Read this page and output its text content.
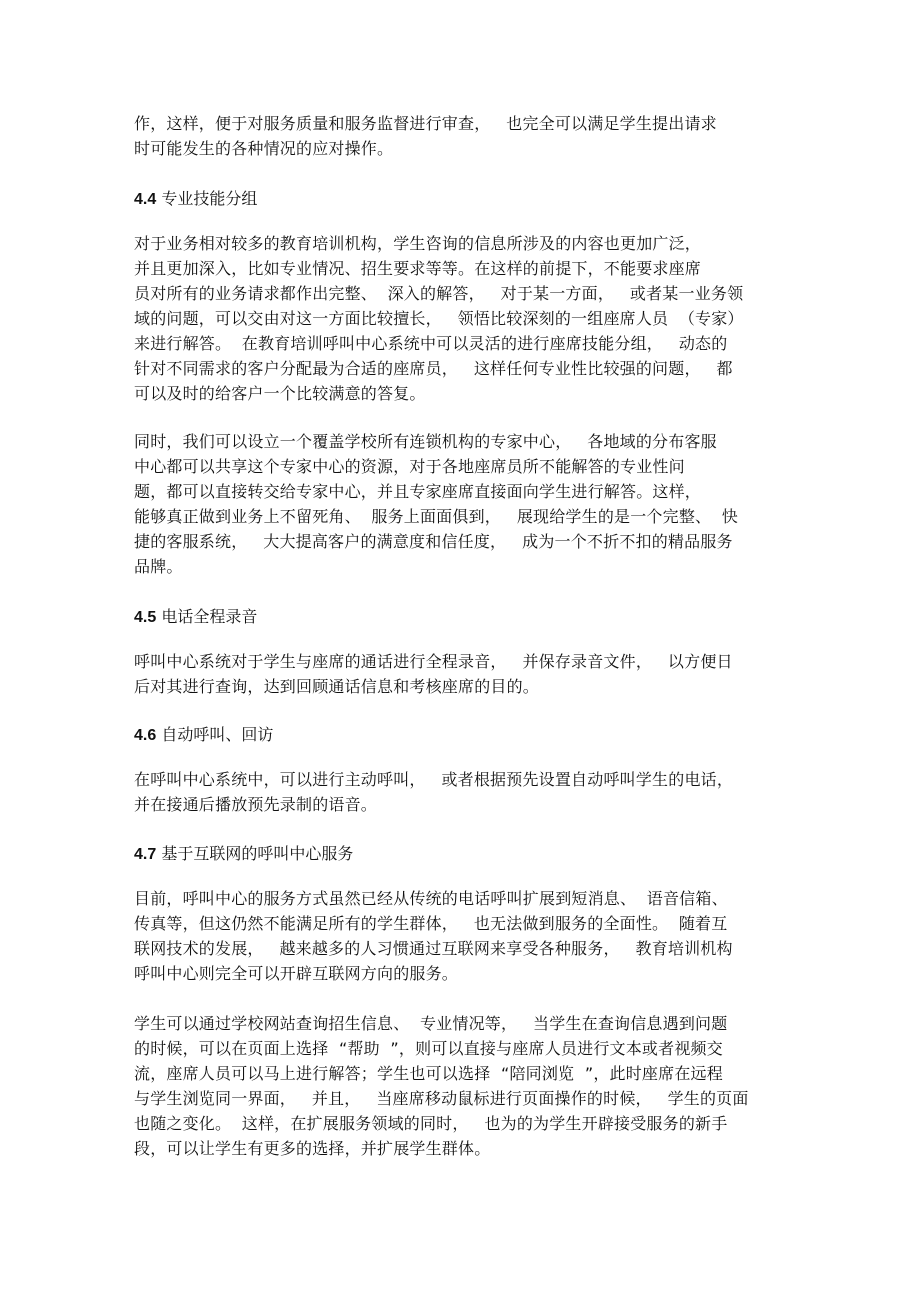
作，这样，便于对服务质量和服务监督进行审查，   也完全可以满足学生提出请求
时可能发生的各种情况的应对操作。
4.4 专业技能分组
对于业务相对较多的教育培训机构，学生咨询的信息所涉及的内容也更加广泛，
并且更加深入，比如专业情况、招生要求等等。在这样的前提下，不能要求座席
员对所有的业务请求都作出完整、  深入的解答，   对于某一方面，   或者某一业务领
域的问题，可以交由对这一方面比较擅长，   领悟比较深刻的一组座席人员  （专家）
来进行解答。  在教育培训呼叫中心系统中可以灵活的进行座席技能分组，   动态的
针对不同需求的客户分配最为合适的座席员，   这样任何专业性比较强的问题，   都
可以及时的给客户一个比较满意的答复。
同时，我们可以设立一个覆盖学校所有连锁机构的专家中心，   各地域的分布客服
中心都可以共享这个专家中心的资源，对于各地座席员所不能解答的专业性问
题，都可以直接转交给专家中心，并且专家座席直接面向学生进行解答。这样，
能够真正做到业务上不留死角、  服务上面面俱到，   展现给学生的是一个完整、  快
捷的客服系统，   大大提高客户的满意度和信任度，   成为一个不折不扣的精品服务
品牌。
4.5 电话全程录音
呼叫中心系统对于学生与座席的通话进行全程录音，   并保存录音文件，   以方便日
后对其进行查询，达到回顾通话信息和考核座席的目的。
4.6 自动呼叫、回访
在呼叫中心系统中，可以进行主动呼叫，   或者根据预先设置自动呼叫学生的电话，
并在接通后播放预先录制的语音。
4.7 基于互联网的呼叫中心服务
目前，呼叫中心的服务方式虽然已经从传统的电话呼叫扩展到短消息、  语音信箱、
传真等，但这仍然不能满足所有的学生群体，   也无法做到服务的全面性。  随着互
联网技术的发展，   越来越多的人习惯通过互联网来享受各种服务，   教育培训机构
呼叫中心则完全可以开辟互联网方向的服务。
学生可以通过学校网站查询招生信息、  专业情况等，   当学生在查询信息遇到问题
的时候，可以在页面上选择  “帮助  ”，则可以直接与座席人员进行文本或者视频交
流，座席人员可以马上进行解答；学生也可以选择  “陪同浏览  ”，此时座席在远程
与学生浏览同一界面，   并且，   当座席移动鼠标进行页面操作的时候，   学生的页面
也随之变化。  这样，在扩展服务领域的同时，   也为的为学生开辟接受服务的新手
段，可以让学生有更多的选择，并扩展学生群体。
